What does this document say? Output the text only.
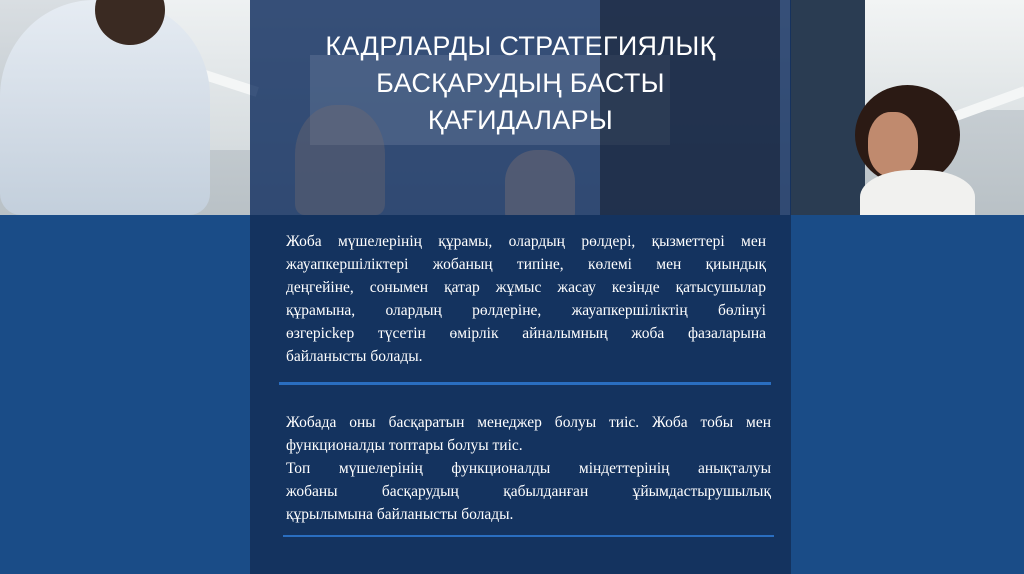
КАДРЛАРДЫ СТРАТЕГИЯЛЫҚ
БАСҚАРУДЫҢ БАСТЫ
ҚАҒИДАЛАРЫ
Жоба мүшелерінің құрамы, олардың рөлдері, қызметтері мен
жауапкершіліктері жобаның типіне, көлемі мен қиындық
деңгейіне, сонымен қатар жұмыс жасау кезінде қатысушылар
құрамына, олардың рөлдеріне, жауапкершіліктің бөлінуі
өзгерісkер түсетін өмірлік айналымның жоба фазаларына
байланысты болады.
Жобада оны басқаратын менеджер болуы тиіс. Жоба тобы мен
функционалды топтары болуы тиіс.
Топ мүшелерінің функционалды міндеттерінің анықталуы
жобаны басқарудың қабылданған ұйымдастырушылық
құрылымына байланысты болады.
